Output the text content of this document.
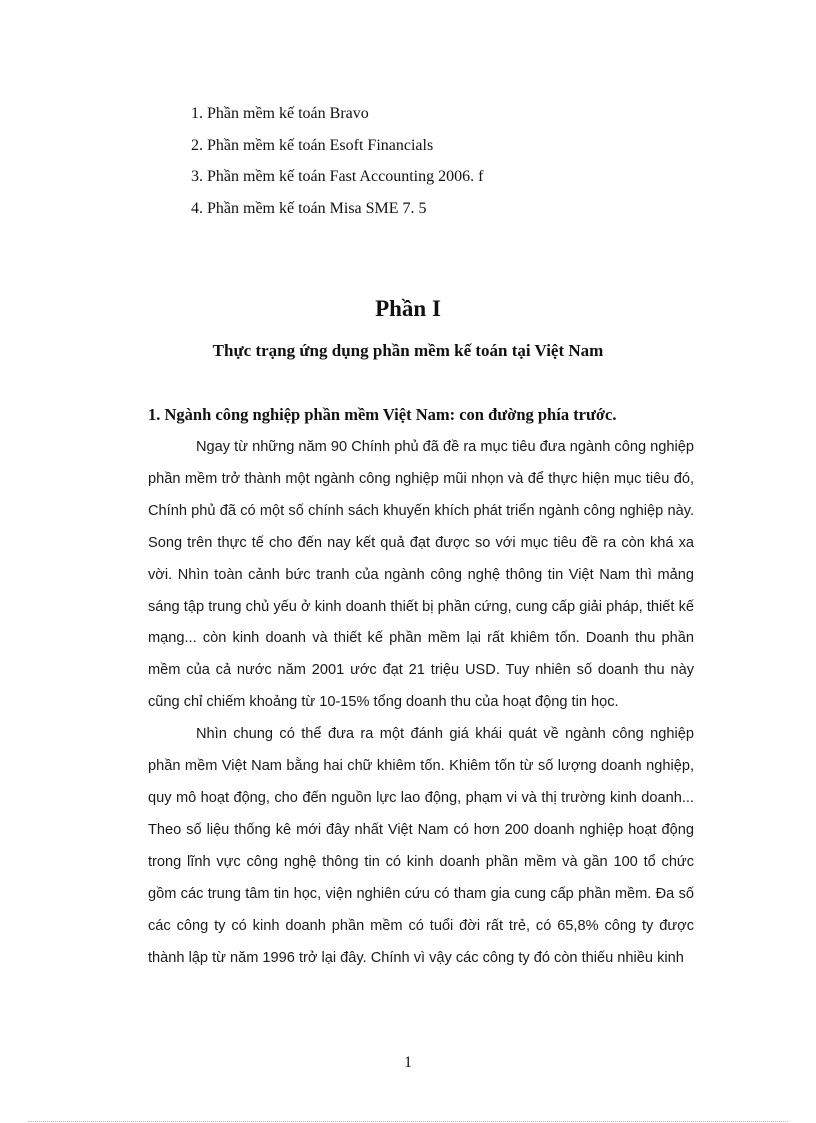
1. Phần mềm kế toán Bravo
2. Phần mềm kế toán Esoft Financials
3. Phần mềm kế toán Fast Accounting 2006. f
4. Phần mềm kế toán Misa SME 7. 5
Phần I
Thực trạng ứng dụng phần mềm kế toán tại Việt Nam
1. Ngành công nghiệp phần mềm Việt Nam: con đường phía trước.

Ngay từ những năm 90 Chính phủ đã đề ra mục tiêu đưa ngành công nghiệp phần mềm trở thành một ngành công nghiệp mũi nhọn và để thực hiện mục tiêu đó, Chính phủ đã có một số chính sách khuyến khích phát triển ngành công nghiệp này. Song trên thực tế cho đến nay kết quả đạt được so với mục tiêu đề ra còn khá xa vời. Nhìn toàn cảnh bức tranh của ngành công nghệ thông tin Việt Nam thì mảng sáng tập trung chủ yếu ở kinh doanh thiết bị phần cứng, cung cấp giải pháp, thiết kế mạng... còn kinh doanh và thiết kế phần mềm lại rất khiêm tốn. Doanh thu phần mềm của cả nước năm 2001 ước đạt 21 triệu USD. Tuy nhiên số doanh thu này cũng chỉ chiếm khoảng từ 10-15% tổng doanh thu của hoạt động tin học.

Nhìn chung có thể đưa ra một đánh giá khái quát về ngành công nghiệp phần mềm Việt Nam bằng hai chữ khiêm tốn. Khiêm tốn từ số lượng doanh nghiệp, quy mô hoạt động, cho đến nguồn lực lao động, phạm vi và thị trường kinh doanh... Theo số liệu thống kê mới đây nhất Việt Nam có hơn 200 doanh nghiệp hoạt động trong lĩnh vực công nghệ thông tin có kinh doanh phần mềm và gần 100 tổ chức gồm các trung tâm tin học, viện nghiên cứu có tham gia cung cấp phần mềm. Đa số các công ty có kinh doanh phần mềm có tuổi đời rất trẻ, có 65,8% công ty được thành lập từ năm 1996 trở lại đây. Chính vì vậy các công ty đó còn thiếu nhiều kinh

1
